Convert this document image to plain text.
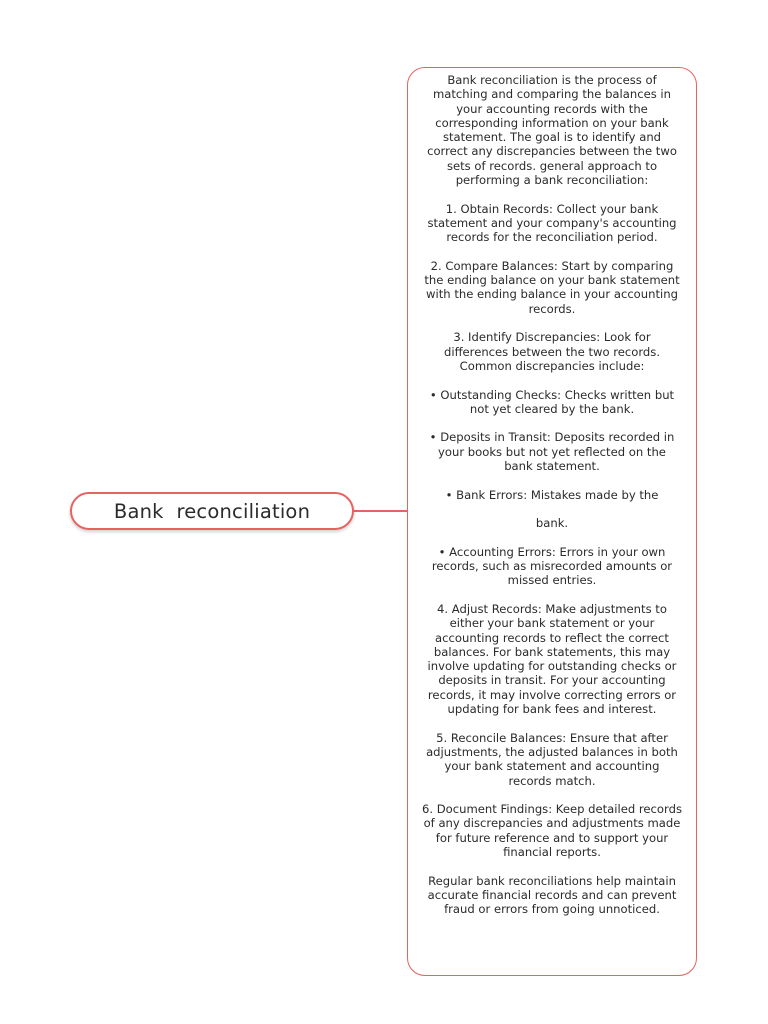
Bank  reconciliation

Bank reconciliation is the process of matching and comparing the balances in your accounting records with the corresponding information on your bank statement. The goal is to identify and correct any discrepancies between the two sets of records. general approach to performing a bank reconciliation:

1. Obtain Records: Collect your bank statement and your company's accounting records for the reconciliation period.

2. Compare Balances: Start by comparing the ending balance on your bank statement with the ending balance in your accounting records.

3. Identify Discrepancies: Look for differences between the two records. Common discrepancies include:

• Outstanding Checks: Checks written but not yet cleared by the bank.

• Deposits in Transit: Deposits recorded in your books but not yet reflected on the bank statement.

• Bank Errors: Mistakes made by the

bank.

• Accounting Errors: Errors in your own records, such as misrecorded amounts or missed entries.

4. Adjust Records: Make adjustments to either your bank statement or your accounting records to reflect the correct balances. For bank statements, this may involve updating for outstanding checks or deposits in transit. For your accounting records, it may involve correcting errors or updating for bank fees and interest.

5. Reconcile Balances: Ensure that after adjustments, the adjusted balances in both your bank statement and accounting records match.

6. Document Findings: Keep detailed records of any discrepancies and adjustments made for future reference and to support your financial reports.

Regular bank reconciliations help maintain accurate financial records and can prevent fraud or errors from going unnoticed.
